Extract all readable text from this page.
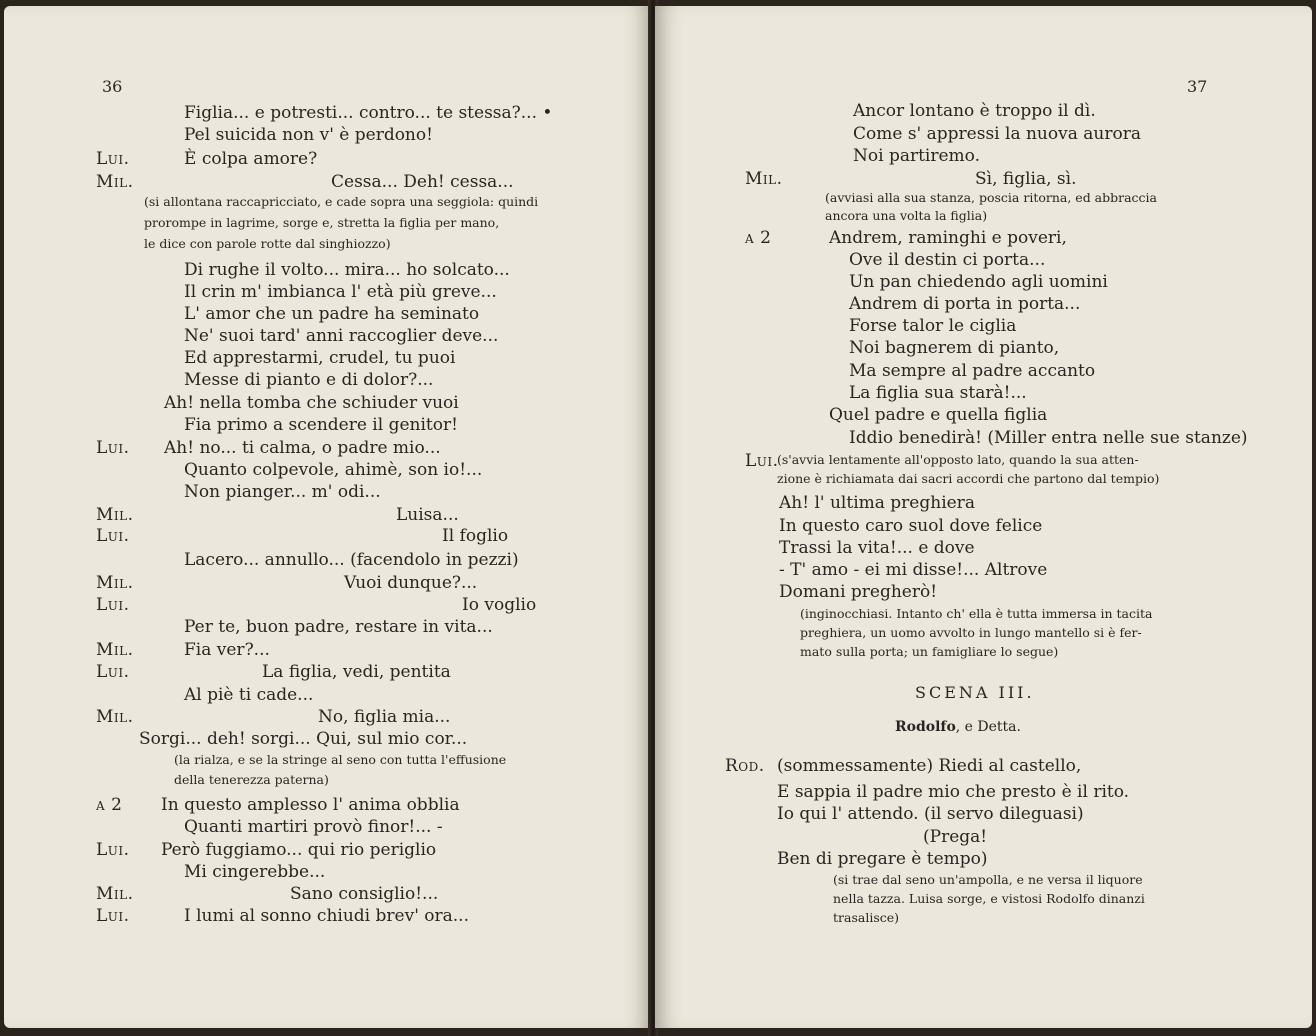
36
Figlia... e potresti... contro... te stessa?... •
Pel suicida non v' è perdono!
Lui.	È colpa amore?
Mil.	Cessa... Deh! cessa...
(si allontana raccapricciato, e cade sopra una seggiola: quindi
prorompe in lagrime, sorge e, stretta la figlia per mano,
le dice con parole rotte dal singhiozzo)
Di rughe il volto... mira... ho solcato...
Il crin m' imbianca l' età più greve...
L' amor che un padre ha seminato
Ne' suoi tard' anni raccoglier deve...
Ed apprestarmi, crudel, tu puoi
Messe di pianto e di dolor?...
Ah! nella tomba che schiuder vuoi
Fia primo a scendere il genitor!
Lui. Ah! no... ti calma, o padre mio...
Quanto colpevole, ahimè, son io!...
Non pianger... m' odi...
Mil.	Luisa...
Lui.	Il foglio
Lacero... annullo... (facendolo in pezzi)
Mil.	Vuoi dunque?...
Lui.	Io voglio
Per te, buon padre, restare in vita...
Mil.	Fia ver?...
Lui.	La figlia, vedi, pentita
Al piè ti cade...
Mil.	No, figlia mia...
Sorgi... deh! sorgi... Qui, sul mio cor...
(la rialza, e se la stringe al seno con tutta l'effusione
della tenerezza paterna)
a 2 In questo amplesso l' anima obblia
Quanti martiri provò finor!... -
Lui. Però fuggiamo... qui rio periglio
Mi cingerebbe...
Mil.	Sano consiglio!...
Lui.	I lumi al sonno chiudi brev' ora...
37
Ancor lontano è troppo il dì.
Come s' appressi la nuova aurora
Noi partiremo.
Mil.	Sì, figlia, sì.
(avviasi alla sua stanza, poscia ritorna, ed abbraccia
ancora una volta la figlia)
a 2	Andrem, raminghi e poveri,
Ove il destin ci porta...
Un pan chiedendo agli uomini
Andrem di porta in porta...
Forse talor le ciglia
Noi bagnerem di pianto,
Ma sempre al padre accanto
La figlia sua starà!...
Quel padre e quella figlia
Iddio benedirà! (Miller entra nelle sue stanze)
Lui.
(s'avvia lentamente all'opposto lato, quando la sua atten-
zione è richiamata dai sacri accordi che partono dal tempio)
Ah! l' ultima preghiera
In questo caro suol dove felice
Trassi la vita!... e dove
- T' amo - ei mi disse!... Altrove
Domani pregherò!
(inginocchiasi. Intanto ch' ella è tutta immersa in tacita
preghiera, un uomo avvolto in lungo mantello si è fer-
mato sulla porta; un famigliare lo segue)
SCENA III.
Rodolfo, e Detta.
Rod. (sommessamente) Riedi al castello,
E sappia il padre mio che presto è il rito.
Io qui l' attendo. (il servo dileguasi)
(Prega!
Ben di pregare è tempo)
(si trae dal seno un'ampolla, e ne versa il liquore
nella tazza. Luisa sorge, e vistosi Rodolfo dinanzi
trasalisce)
